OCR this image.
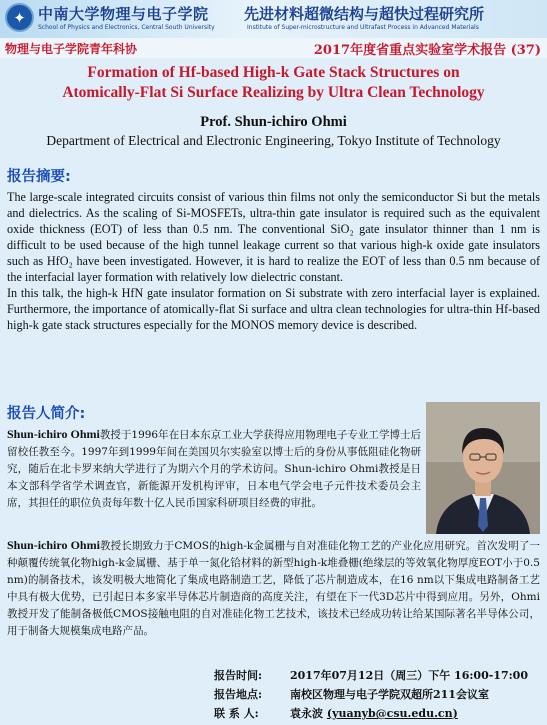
✦ 中南大学物理与电子学院
School of Physics and Electronics, Central South University
先进材料超微结构与超快过程研究所
Institute of Super-microstructure and Ultrafast Process in Advanced Materials
物理与电子学院青年科协	2017年度省重点实验室学术报告 (37)
Formation of Hf-based High-k Gate Stack Structures on
Atomically-Flat Si Surface Realizing by Ultra Clean Technology
Prof. Shun-ichiro Ohmi
Department of Electrical and Electronic Engineering, Tokyo Institute of Technology
报告摘要:

The large-scale integrated circuits consist of various thin films not only the semiconductor Si but the metals and dielectrics. As the scaling of Si-MOSFETs, ultra-thin gate insulator is required such as the equivalent oxide thickness (EOT) of less than 0.5 nm. The conventional SiO₂ gate insulator thinner than 1 nm is difficult to be used because of the high tunnel leakage current so that various high-k oxide gate insulators such as HfO₂ have been investigated. However, it is hard to realize the EOT of less than 0.5 nm because of the interfacial layer formation with relatively low dielectric constant.

In this talk, the high-k HfN gate insulator formation on Si substrate with zero interfacial layer is explained. Furthermore, the importance of atomically-flat Si surface and ultra clean technologies for ultra-thin Hf-based high-k gate stack structures especially for the MONOS memory device is described.

报告人简介:

Shun-ichiro Ohmi教授于1996年在日本东京工业大学获得应用物理电子专业工学博士后留校任教至今。1997年到1999年间在美国贝尔实验室以博士后的身份从事低阻硅化物研究，随后在北卡罗来纳大学进行了为期六个月的学术访问。Shun-ichiro Ohmi教授是日本文部科学省学术调查官，新能源开发机构评审，日本电气学会电子元件技术委员会主席，其担任的职位负责每年数十亿人民币国家科研项目经费的审批。

Shun-ichiro Ohmi教授长期致力于CMOS的high-k金属栅与自对准硅化物工艺的产业化应用研究。首次发明了一种颠覆传统氧化物high-k金属栅、基于单一氮化铪材料的新型high-k堆叠栅(绝缘层的等效氧化物厚度EOT小于0.5 nm)的制备技术，该发明极大地简化了集成电路制造工艺，降低了芯片制造成本，在16 nm以下集成电路制备工艺中具有极大优势，已引起日本多家半导体芯片制造商的高度关注，有望在下一代3D芯片中得到应用。另外，Ohmi教授开发了能制备极低CMOS接触电阻的自对准硅化物工艺技术，该技术已经成功转让给某国际著名半导体公司，用于制备大规模集成电路产品。

报告时间:	2017年07月12日（周三）下午 16:00-17:00
报告地点:	南校区物理与电子学院双超所211会议室
联 系 人:	袁永波 (yuanyb@csu.edu.cn)
